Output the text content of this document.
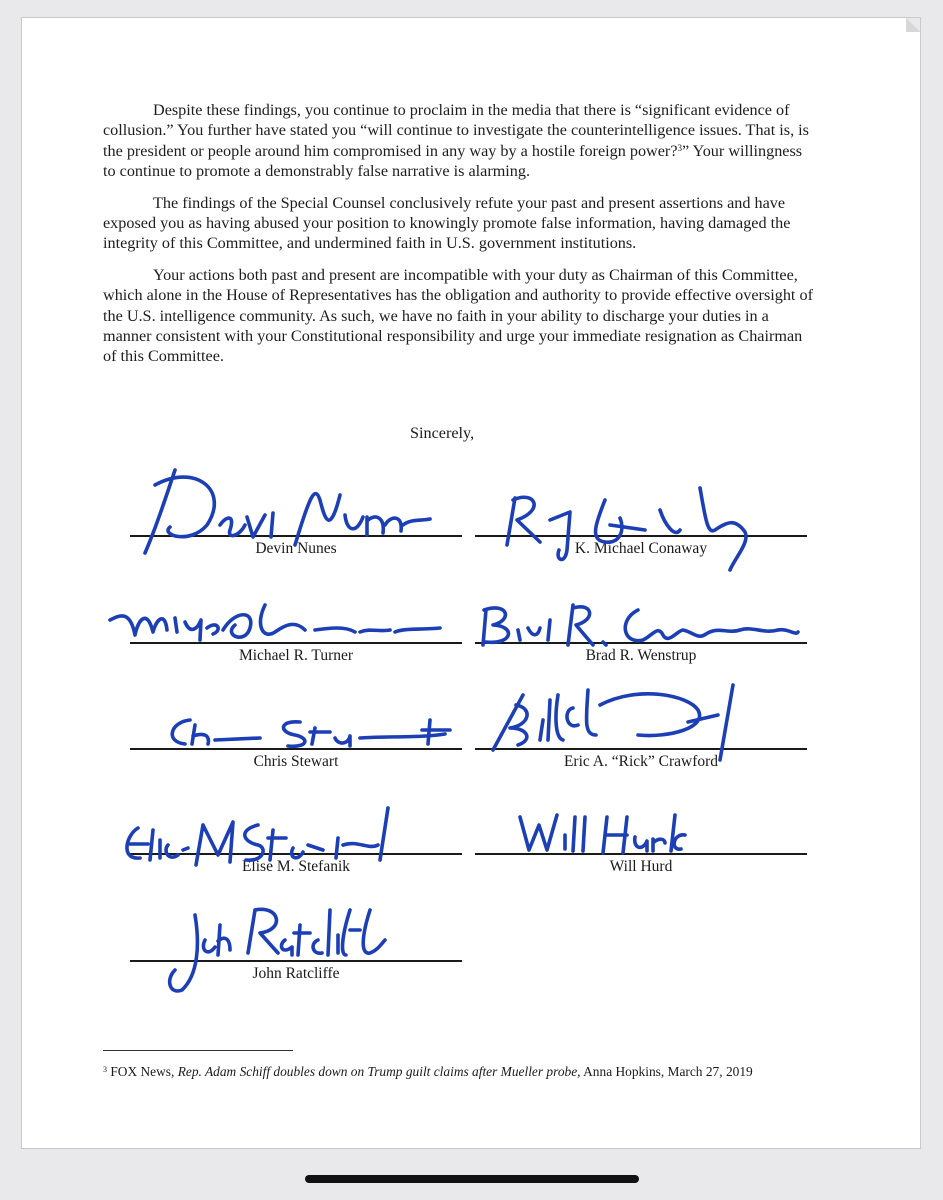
Despite these findings, you continue to proclaim in the media that there is “significant evidence of collusion.” You further have stated you “will continue to investigate the counterintelligence issues. That is, is the president or people around him compromised in any way by a hostile foreign power?$^3$” Your willingness to continue to promote a demonstrably false narrative is alarming.

The findings of the Special Counsel conclusively refute your past and present assertions and have exposed you as having abused your position to knowingly promote false information, having damaged the integrity of this Committee, and undermined faith in U.S. government institutions.

Your actions both past and present are incompatible with your duty as Chairman of this Committee, which alone in the House of Representatives has the obligation and authority to provide effective oversight of the U.S. intelligence community. As such, we have no faith in your ability to discharge your duties in a manner consistent with your Constitutional responsibility and urge your immediate resignation as Chairman of this Committee.

Sincerely,
Devin Nunes	K. Michael Conaway
Michael R. Turner	Brad R. Wenstrup
Chris Stewart	Eric A. “Rick” Crawford
Elise M. Stefanik	Will Hurd
John Ratcliffe
$^3$ FOX News, Rep. Adam Schiff doubles down on Trump guilt claims after Mueller probe, Anna Hopkins, March 27, 2019
